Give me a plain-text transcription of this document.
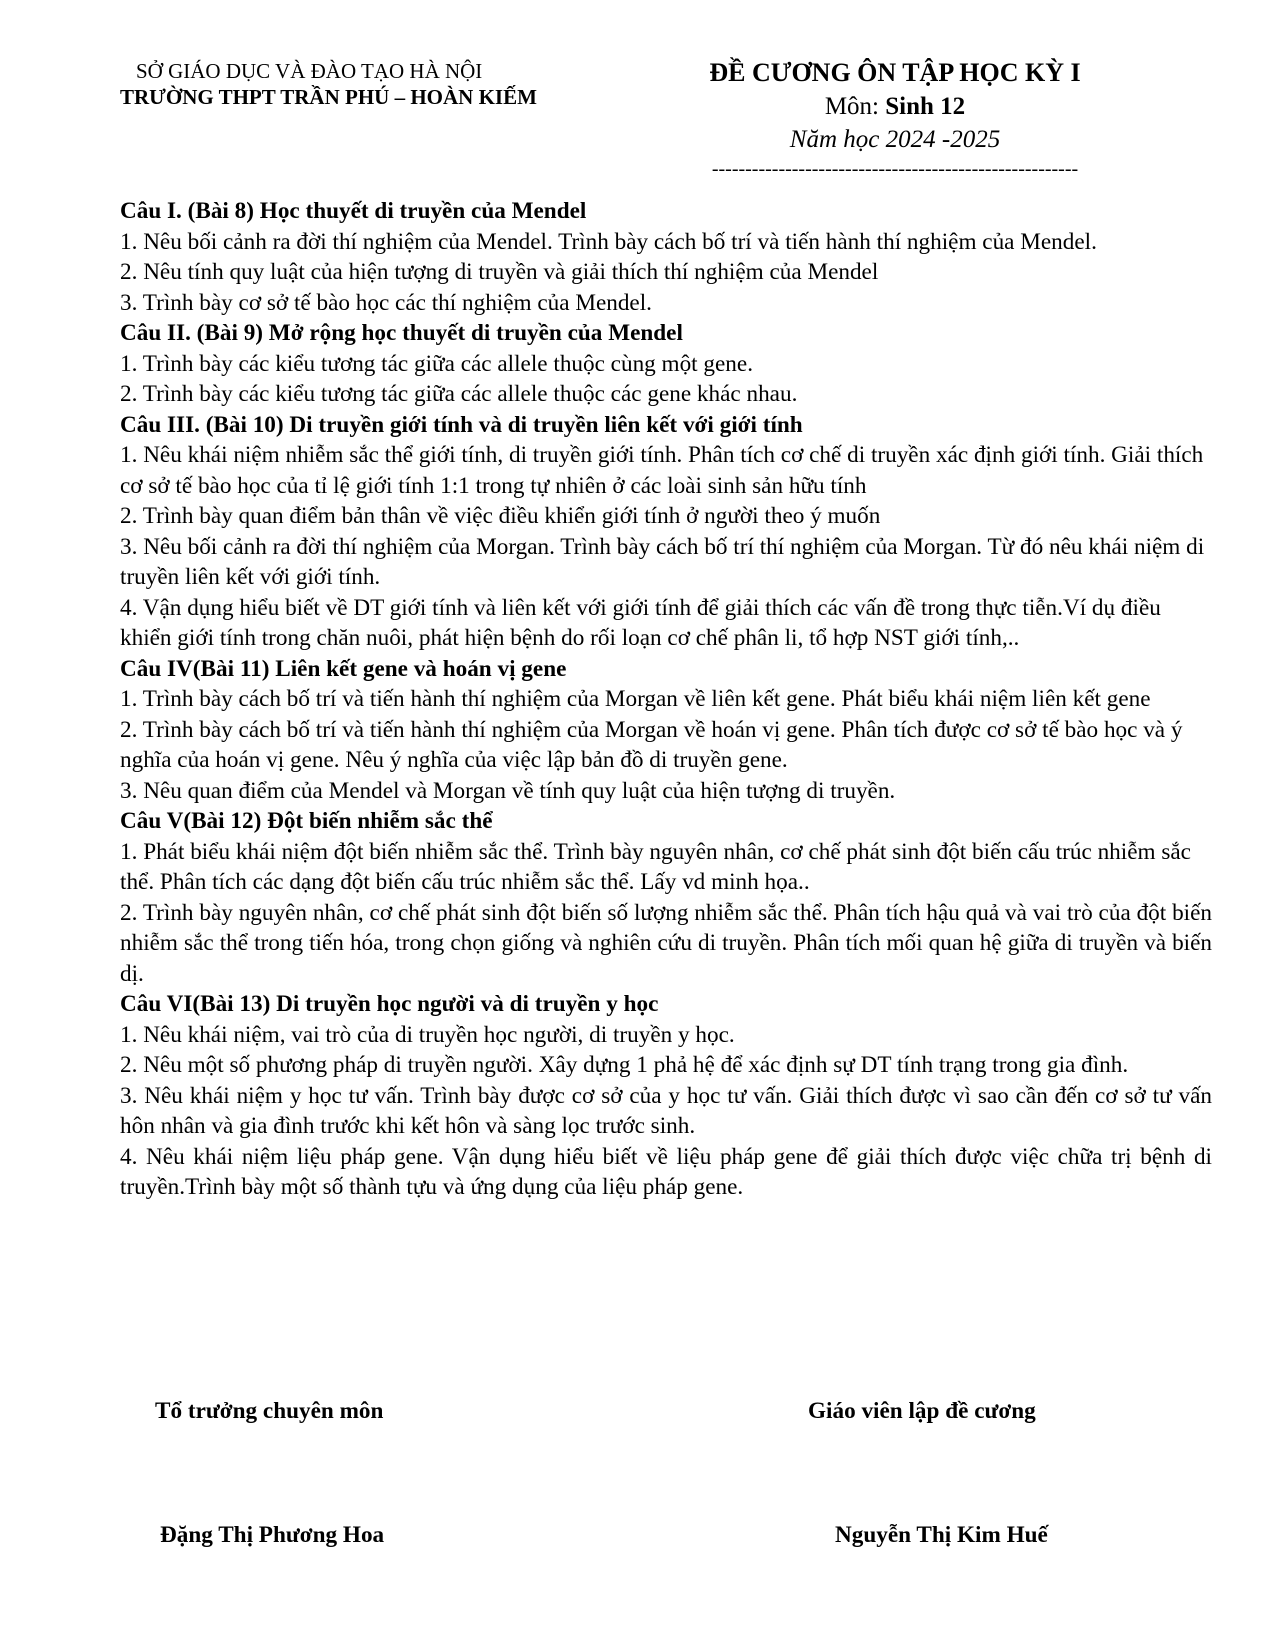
SỞ GIÁO DỤC VÀ ĐÀO TẠO HÀ NỘI
TRƯỜNG THPT TRẦN PHÚ – HOÀN KIẾM
ĐỀ CƯƠNG ÔN TẬP HỌC KỲ I
Môn: Sinh 12
Năm học 2024 -2025
-------------------------------------------------------
Câu I. (Bài 8) Học thuyết di truyền của Mendel
1. Nêu bối cảnh ra đời thí nghiệm của Mendel. Trình bày cách bố trí và tiến hành thí nghiệm của Mendel.
2. Nêu tính quy luật của hiện tượng di truyền và giải thích thí nghiệm của Mendel
3. Trình bày cơ sở tế bào học các thí nghiệm của Mendel.
Câu II. (Bài 9) Mở rộng học thuyết di truyền của Mendel
1. Trình bày các kiểu tương tác giữa các allele thuộc cùng một gene.
2. Trình bày các kiểu tương tác giữa các allele thuộc các gene khác nhau.
Câu III. (Bài 10) Di truyền giới tính và di truyền liên kết với giới tính
1. Nêu khái niệm nhiễm sắc thể giới tính, di truyền giới tính. Phân tích cơ chế di truyền xác định giới tính. Giải thích cơ sở tế bào học của tỉ lệ giới tính 1:1 trong tự nhiên ở các loài sinh sản hữu tính
2. Trình bày quan điểm bản thân về việc điều khiển giới tính ở người theo ý muốn
3. Nêu bối cảnh ra đời thí nghiệm của Morgan. Trình bày cách bố trí thí nghiệm của Morgan. Từ đó nêu khái niệm di truyền liên kết với giới tính.
4. Vận dụng hiểu biết về DT giới tính và liên kết với giới tính để giải thích các vấn đề trong thực tiễn.Ví dụ điều khiển giới tính trong chăn nuôi, phát hiện bệnh do rối loạn cơ chế phân li, tổ hợp NST giới tính,..
Câu IV(Bài 11) Liên kết gene và hoán vị gene
1. Trình bày cách bố trí và tiến hành thí nghiệm của Morgan về liên kết gene. Phát biểu khái niệm liên kết gene
2. Trình bày cách bố trí và tiến hành thí nghiệm của Morgan về hoán vị gene. Phân tích được cơ sở tế bào học và ý nghĩa của hoán vị gene. Nêu ý nghĩa của việc lập bản đồ di truyền gene.
3. Nêu quan điểm của Mendel và Morgan về tính quy luật của hiện tượng di truyền.
Câu V(Bài 12) Đột biến nhiễm sắc thể
1. Phát biểu khái niệm đột biến nhiễm sắc thể. Trình bày nguyên nhân, cơ chế phát sinh đột biến cấu trúc nhiễm sắc thể. Phân tích các dạng đột biến cấu trúc nhiễm sắc thể. Lấy vd minh họa..
2. Trình bày nguyên nhân, cơ chế phát sinh đột biến số lượng nhiễm sắc thể. Phân tích hậu quả và vai trò của đột biến nhiễm sắc thể trong tiến hóa, trong chọn giống và nghiên cứu di truyền. Phân tích mối quan hệ giữa di truyền và biến dị.
Câu VI(Bài 13) Di truyền học người và di truyền y học
1. Nêu khái niệm, vai trò của di truyền học người, di truyền y học.
2. Nêu một số phương pháp di truyền người. Xây dựng 1 phả hệ để xác định sự DT tính trạng trong gia đình.
3. Nêu khái niệm y học tư vấn. Trình bày được cơ sở của y học tư vấn. Giải thích được vì sao cần đến cơ sở tư vấn hôn nhân và gia đình trước khi kết hôn và sàng lọc trước sinh.
4. Nêu khái niệm liệu pháp gene. Vận dụng hiểu biết về liệu pháp gene để giải thích được việc chữa trị bệnh di truyền.Trình bày một số thành tựu và ứng dụng của liệu pháp gene.
Tổ trưởng chuyên môn
Đặng Thị Phương Hoa
Giáo viên lập đề cương
Nguyễn Thị Kim Huế
